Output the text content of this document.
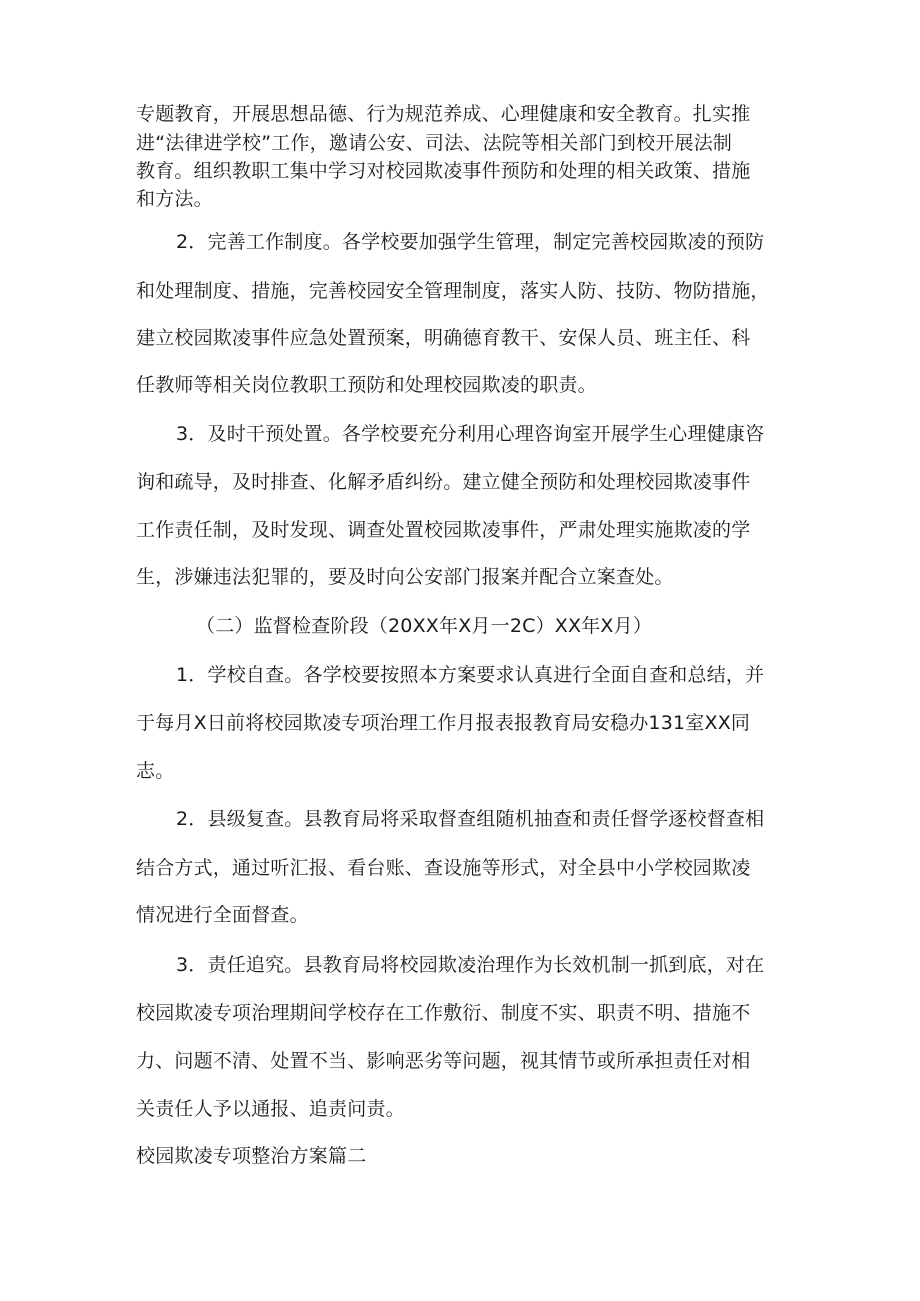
专题教育，开展思想品德、行为规范养成、心理健康和安全教育。扎实推
进“法律进学校”工作，邀请公安、司法、法院等相关部门到校开展法制
教育。组织教职工集中学习对校园欺凌事件预防和处理的相关政策、措施
和方法。
2．完善工作制度。各学校要加强学生管理，制定完善校园欺凌的预防
和处理制度、措施，完善校园安全管理制度，落实人防、技防、物防措施，
建立校园欺凌事件应急处置预案，明确德育教干、安保人员、班主任、科
任教师等相关岗位教职工预防和处理校园欺凌的职责。
3．及时干预处置。各学校要充分利用心理咨询室开展学生心理健康咨
询和疏导，及时排查、化解矛盾纠纷。建立健全预防和处理校园欺凌事件
工作责任制，及时发现、调查处置校园欺凌事件，严肃处理实施欺凌的学
生，涉嫌违法犯罪的，要及时向公安部门报案并配合立案查处。
（二）监督检查阶段（20XX年X月一2C）XX年X月）
1．学校自查。各学校要按照本方案要求认真进行全面自查和总结，并
于每月X日前将校园欺凌专项治理工作月报表报教育局安稳办131室XX同
志。
2．县级复查。县教育局将采取督查组随机抽查和责任督学逐校督查相
结合方式，通过听汇报、看台账、查设施等形式，对全县中小学校园欺凌
情况进行全面督查。
3．责任追究。县教育局将校园欺凌治理作为长效机制一抓到底，对在
校园欺凌专项治理期间学校存在工作敷衍、制度不实、职责不明、措施不
力、问题不清、处置不当、影响恶劣等问题，视其情节或所承担责任对相
关责任人予以通报、追责问责。
校园欺凌专项整治方案篇二
